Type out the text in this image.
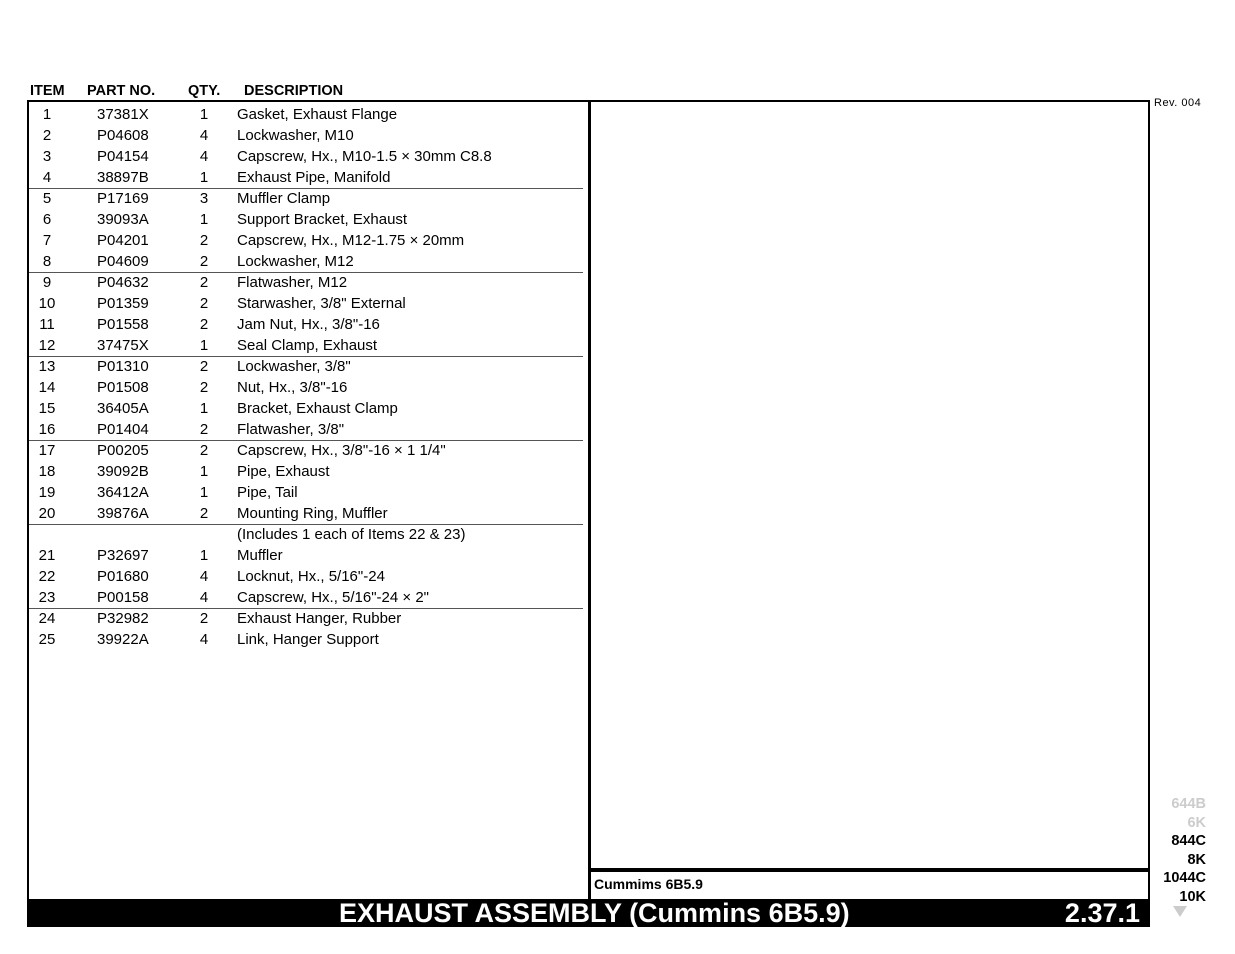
ITEM PART NO. QTY. DESCRIPTION
1	37381X	1	Gasket, Exhaust Flange
2	P04608	4	Lockwasher, M10
3	P04154	4	Capscrew, Hx., M10-1.5 × 30mm C8.8
4	38897B	1	Exhaust Pipe, Manifold
5	P17169	3	Muffler Clamp
6	39093A	1	Support Bracket, Exhaust
7	P04201	2	Capscrew, Hx., M12-1.75 × 20mm
8	P04609	2	Lockwasher, M12
9	P04632	2	Flatwasher, M12
10	P01359	2	Starwasher, 3/8" External
11	P01558	2	Jam Nut, Hx., 3/8"-16
12	37475X	1	Seal Clamp, Exhaust
13	P01310	2	Lockwasher, 3/8"
14	P01508	2	Nut, Hx., 3/8"-16
15	36405A	1	Bracket, Exhaust Clamp
16	P01404	2	Flatwasher, 3/8"
17	P00205	2	Capscrew, Hx., 3/8"-16 × 1 1/4"
18	39092B	1	Pipe, Exhaust
19	36412A	1	Pipe, Tail
20	39876A	2	Mounting Ring, Muffler
(Includes 1 each of Items 22 & 23)
21	P32697	1	Muffler
22	P01680	4	Locknut, Hx., 5/16"-24
23	P00158	4	Capscrew, Hx., 5/16"-24 × 2"
24	P32982	2	Exhaust Hanger, Rubber
25	39922A	4	Link, Hanger Support
Rev. 004
Cummims 6B5.9
EXHAUST ASSEMBLY (Cummins 6B5.9)	2.37.1
644B
6K
844C
8K
1044C
10K
